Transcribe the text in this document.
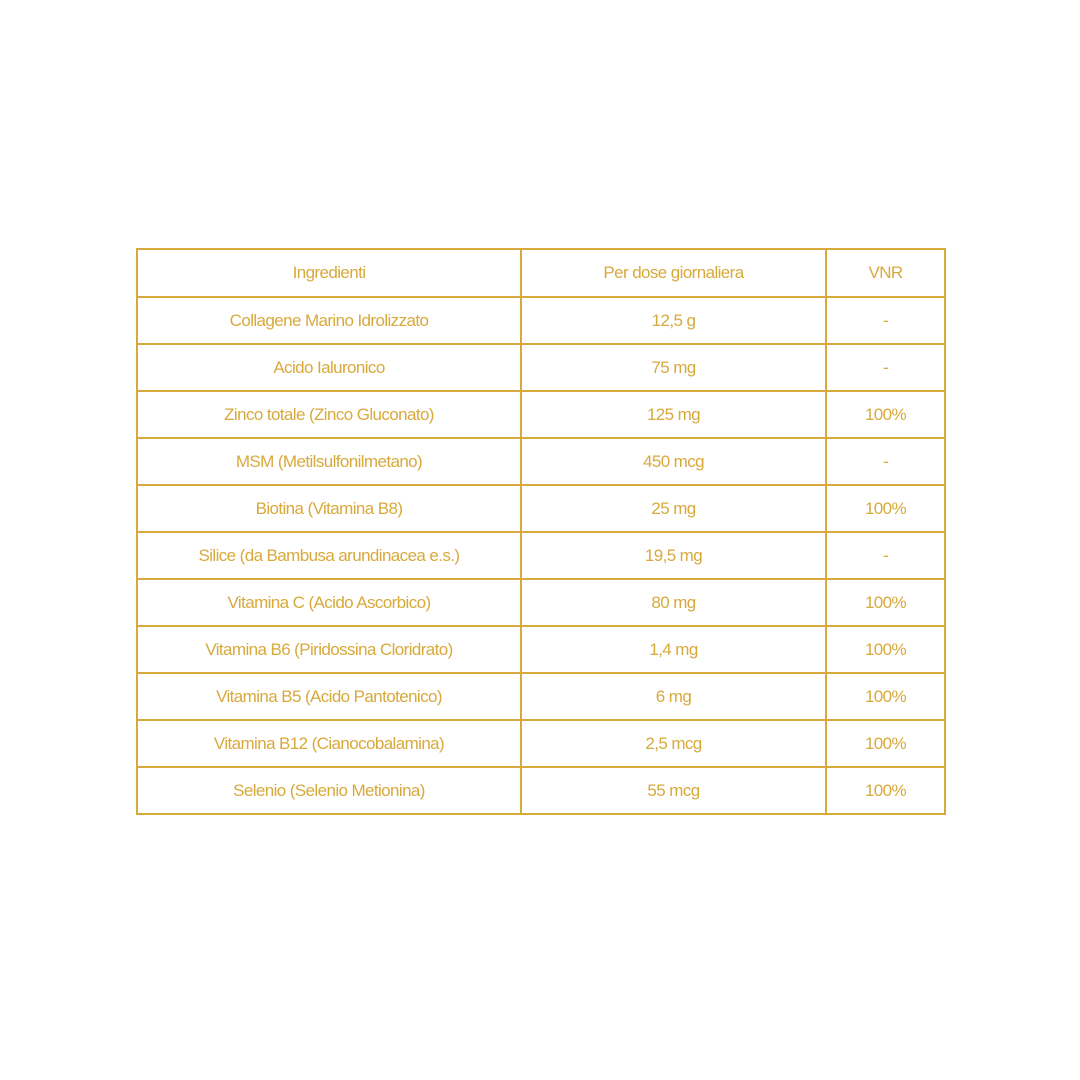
Ingredienti	Per dose giornaliera	VNR
Collagene Marino Idrolizzato	12,5 g	-
Acido Ialuronico	75 mg	-
Zinco totale (Zinco Gluconato)	125 mg	100%
MSM (Metilsulfonilmetano)	450 mcg	-
Biotina (Vitamina B8)	25 mg	100%
Silice (da Bambusa arundinacea e.s.)	19,5 mg	-
Vitamina C (Acido Ascorbico)	80 mg	100%
Vitamina B6 (Piridossina Cloridrato)	1,4 mg	100%
Vitamina B5 (Acido Pantotenico)	6 mg	100%
Vitamina B12 (Cianocobalamina)	2,5 mcg	100%
Selenio (Selenio Metionina)	55 mcg	100%
